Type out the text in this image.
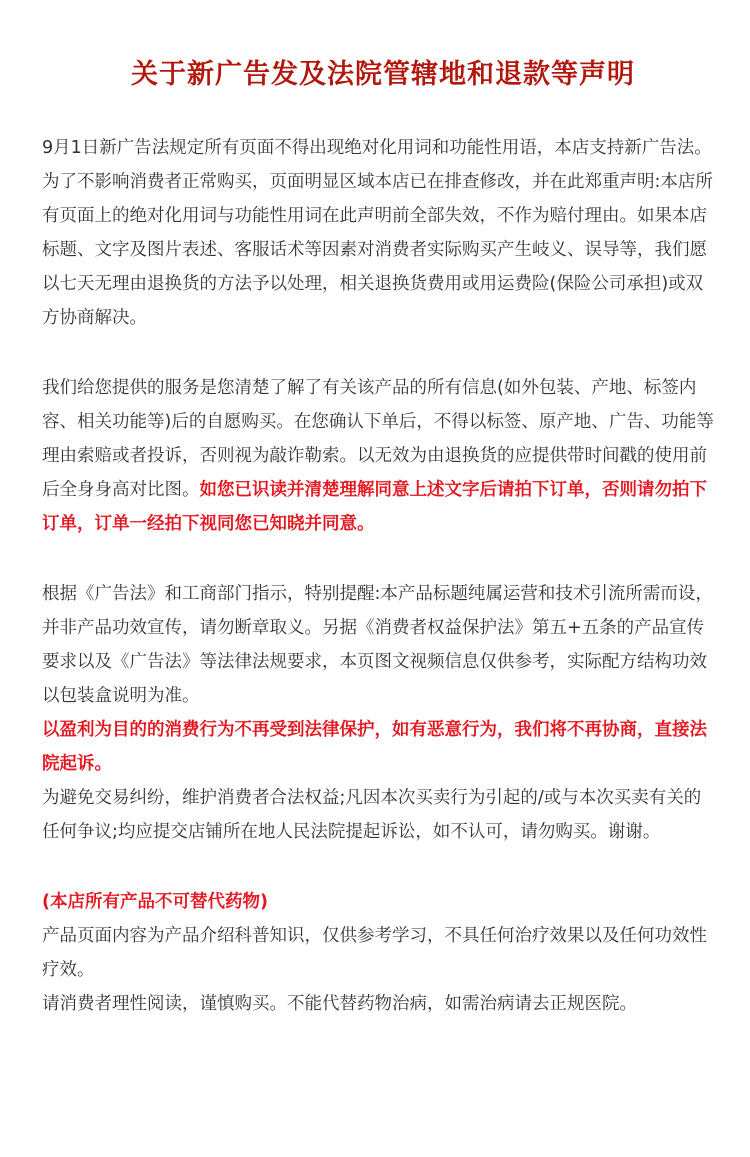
关于新广告发及法院管辖地和退款等声明

9月1日新广告法规定所有页面不得出现绝对化用词和功能性用语，本店支持新广告法。为了不影响消费者正常购买，页面明显区域本店已在排查修改，并在此郑重声明:本店所有页面上的绝对化用词与功能性用词在此声明前全部失效，不作为赔付理由。如果本店标题、文字及图片表述、客服话术等因素对消费者实际购买产生岐义、误导等，我们愿以七天无理由退换货的方法予以处理，相关退换货费用或用运费险(保险公司承担)或双方协商解决。

我们给您提供的服务是您清楚了解了有关该产品的所有信息(如外包装、产地、标签内容、相关功能等)后的自愿购买。在您确认下单后，不得以标签、原产地、广告、功能等理由索赔或者投诉，否则视为敲诈勒索。以无效为由退换货的应提供带时间戳的使用前后全身身高对比图。如您已识读并清楚理解同意上述文字后请拍下订单，否则请勿拍下订单，订单一经拍下视同您已知晓并同意。

根据《广告法》和工商部门指示，特别提醒:本产品标题纯属运营和技术引流所需而设，并非产品功效宣传，请勿断章取义。另据《消费者权益保护法》第五+五条的产品宣传要求以及《广告法》等法律法规要求，本页图文视频信息仅供参考，实际配方结构功效以包装盒说明为准。
以盈利为目的的消费行为不再受到法律保护，如有恶意行为，我们将不再协商，直接法院起诉。
为避免交易纠纷，维护消费者合法权益;凡因本次买卖行为引起的/或与本次买卖有关的任何争议;均应提交店铺所在地人民法院提起诉讼，如不认可，请勿购买。谢谢。
(本店所有产品不可替代药物)
产品页面内容为产品介绍科普知识，仅供参考学习，不具任何治疗效果以及任何功效性疗效。
请消费者理性阅读，谨慎购买。不能代替药物治病，如需治病请去正规医院。
